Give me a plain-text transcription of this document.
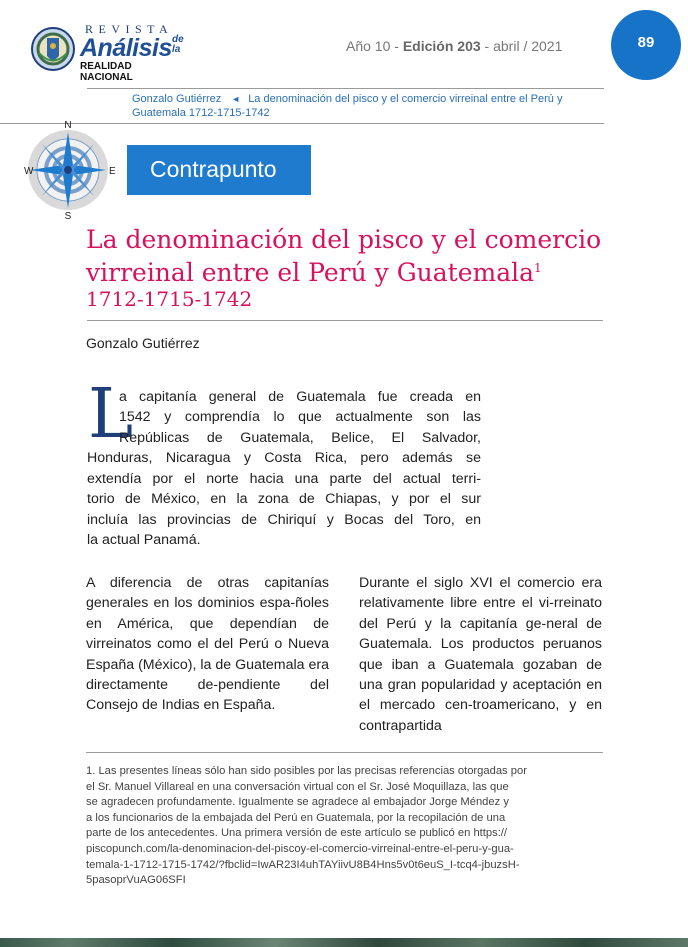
REVISTA
Análisis de la
REALIDAD NACIONAL
Año 10 - Edición 203 - abril / 2021	89
Gonzalo Gutiérrez ◄ La denominación del pisco y el comercio virreinal entre el Perú y
Guatemala 1712-1715-1742
N
S
W	E Contrapunto
La denominación del pisco y el comercio
virreinal entre el Perú y Guatemala$^1$
1712-1715-1742
Gonzalo Gutiérrez
L
a capitanía general de Guatemala fue creada en
1542 y comprendía lo que actualmente son las
Repúblicas de Guatemala, Belice, El Salvador,
Honduras, Nicaragua y Costa Rica, pero además se
extendía por el norte hacia una parte del actual terri-
torio de México, en la zona de Chiapas, y por el sur
incluía las provincias de Chiriquí y Bocas del Toro, en
la actual Panamá.
A diferencia de otras capitanías generales en los dominios espa-ñoles en América, que dependían de virreinatos como el del Perú o Nueva España (México), la de Guatemala era directamente de-pendiente del Consejo de Indias en España.
Durante el siglo XVI el comercio era relativamente libre entre el vi-rreinato del Perú y la capitanía ge-neral de Guatemala. Los productos peruanos que iban a Guatemala gozaban de una gran popularidad y aceptación en el mercado cen-troamericano, y en contrapartida
1. Las presentes líneas sólo han sido posibles por las precisas referencias otorgadas por
el Sr. Manuel Villareal en una conversación virtual con el Sr. José Moquillaza, las que
se agradecen profundamente. Igualmente se agradece al embajador Jorge Méndez y
a los funcionarios de la embajada del Perú en Guatemala, por la recopilación de una
parte de los antecedentes. Una primera versión de este artículo se publicó en https://
piscopunch.com/la-denominacion-del-piscoy-el-comercio-virreinal-entre-el-peru-y-gua-
temala-1-1712-1715-1742/?fbclid=IwAR23I4uhTAYiivU8B4Hns5v0t6euS_I-tcq4-jbuzsH-
5pasoprVuAG06SFI
